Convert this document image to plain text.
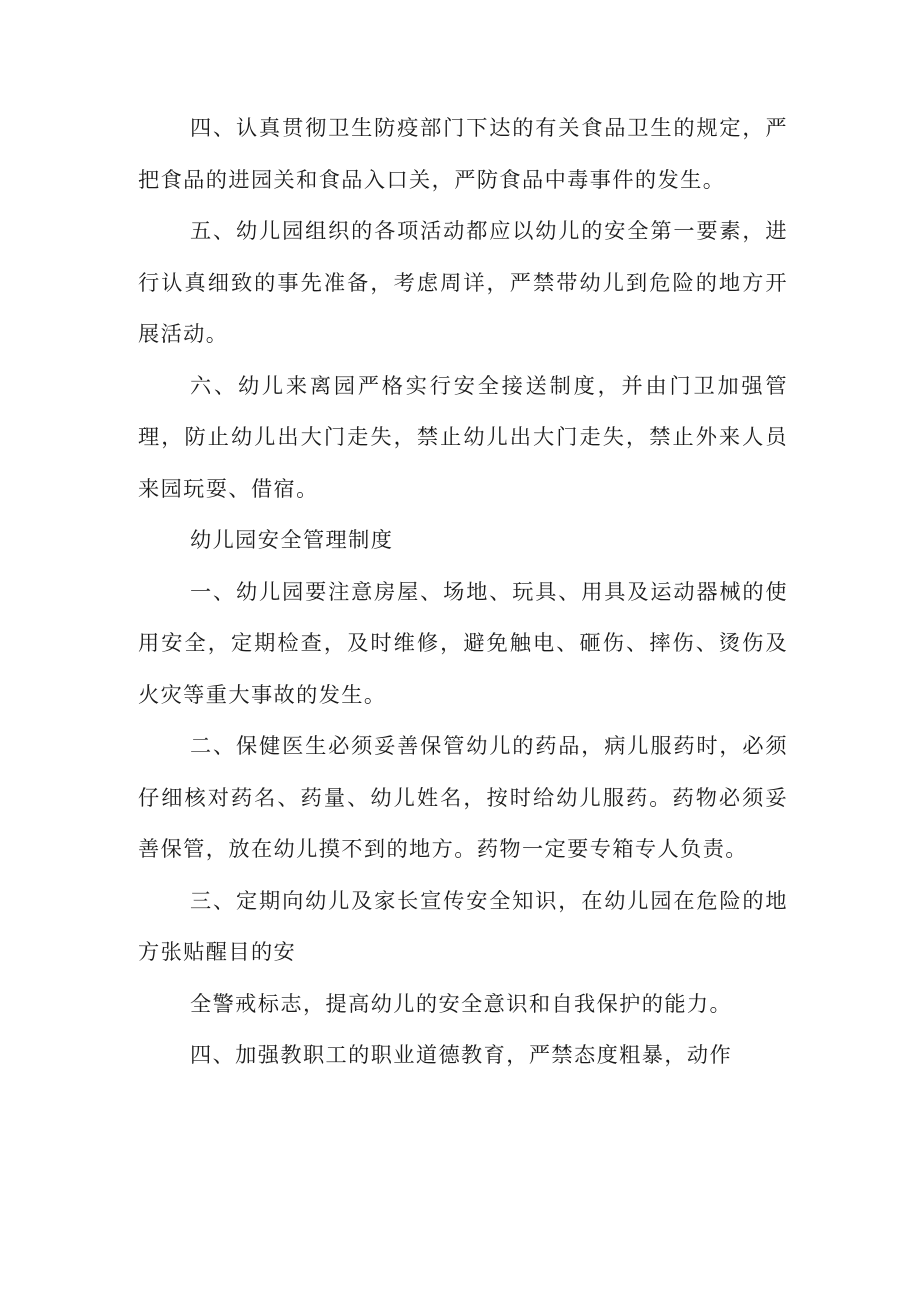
四、认真贯彻卫生防疫部门下达的有关食品卫生的规定，严把食品的进园关和食品入口关，严防食品中毒事件的发生。

五、幼儿园组织的各项活动都应以幼儿的安全第一要素，进行认真细致的事先准备，考虑周详，严禁带幼儿到危险的地方开展活动。

六、幼儿来离园严格实行安全接送制度，并由门卫加强管理，防止幼儿出大门走失，禁止幼儿出大门走失，禁止外来人员来园玩耍、借宿。

幼儿园安全管理制度

一、幼儿园要注意房屋、场地、玩具、用具及运动器械的使用安全，定期检查，及时维修，避免触电、砸伤、摔伤、烫伤及火灾等重大事故的发生。

二、保健医生必须妥善保管幼儿的药品，病儿服药时，必须仔细核对药名、药量、幼儿姓名，按时给幼儿服药。药物必须妥善保管，放在幼儿摸不到的地方。药物一定要专箱专人负责。

三、定期向幼儿及家长宣传安全知识，在幼儿园在危险的地方张贴醒目的安

全警戒标志，提高幼儿的安全意识和自我保护的能力。

四、加强教职工的职业道德教育，严禁态度粗暴，动作
